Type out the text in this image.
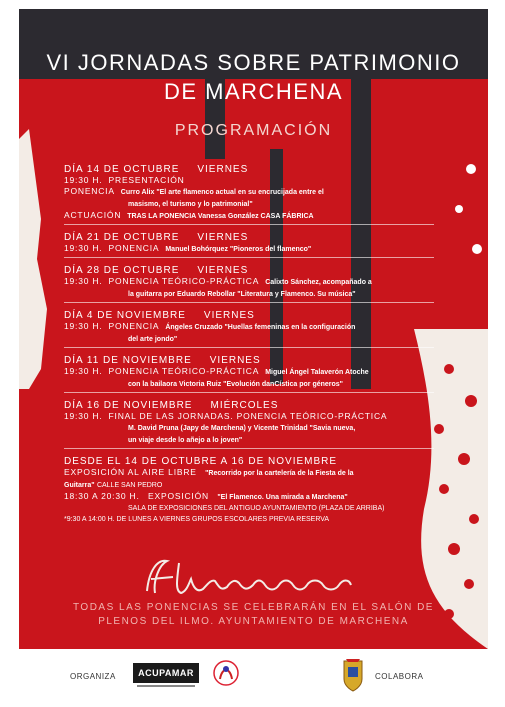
VI JORNADAS SOBRE PATRIMONIO
DE MARCHENA
PROGRAMACIÓN
DÍA 14 DE OCTUBRE VIERNES
19:30 H. PRESENTACIÓN
PONENCIA Curro Alix "El arte flamenco actual en su encrucijada entre el
masismo, el turismo y lo patrimonial"
ACTUACIÓN TRAS LA PONENCIA Vanessa González CASA FÁBRICA
DÍA 21 DE OCTUBRE VIERNES
19:30 H. PONENCIA Manuel Bohórquez "Pioneros del flamenco"
DÍA 28 DE OCTUBRE VIERNES
19:30 H. PONENCIA TEÓRICO-PRÁCTICA Calixto Sánchez, acompañado a
la guitarra por Eduardo Rebollar "Literatura y Flamenco. Su música"
DÍA 4 DE NOVIEMBRE VIERNES
19:30 H. PONENCIA Ángeles Cruzado "Huellas femeninas en la configuración
del arte jondo"
DÍA 11 DE NOVIEMBRE VIERNES
19:30 H. PONENCIA TEÓRICO-PRÁCTICA Miguel Ángel Talaverón Atoche
con la bailaora Victoria Ruiz "Evolución danCística por géneros"
DÍA 16 DE NOVIEMBRE MIÉRCOLES
19:30 H. FINAL DE LAS JORNADAS. PONENCIA TEÓRICO-PRÁCTICA
M. David Pruna (Japy de Marchena) y Vicente Trinidad "Savia nueva,
un viaje desde lo añejo a lo joven"
DESDE EL 14 DE OCTUBRE A 16 DE NOVIEMBRE
EXPOSICIÓN AL AIRE LIBRE "Recorrido por la cartelería de la Fiesta de la
Guitarra" CALLE SAN PEDRO
18:30 A 20:30 H. EXPOSICIÓN "El Flamenco. Una mirada a Marchena"
SALA DE EXPOSICIONES DEL ANTIGUO AYUNTAMIENTO (PLAZA DE ARRIBA)
*9:30 A 14:00 H. DE LUNES A VIERNES GRUPOS ESCOLARES PREVIA RESERVA
TODAS LAS PONENCIAS SE CELEBRARÁN EN EL SALÓN DE
PLENOS DEL ILMO. AYUNTAMIENTO DE MARCHENA
ORGANIZA	ACUPAMAR	COLABORA
